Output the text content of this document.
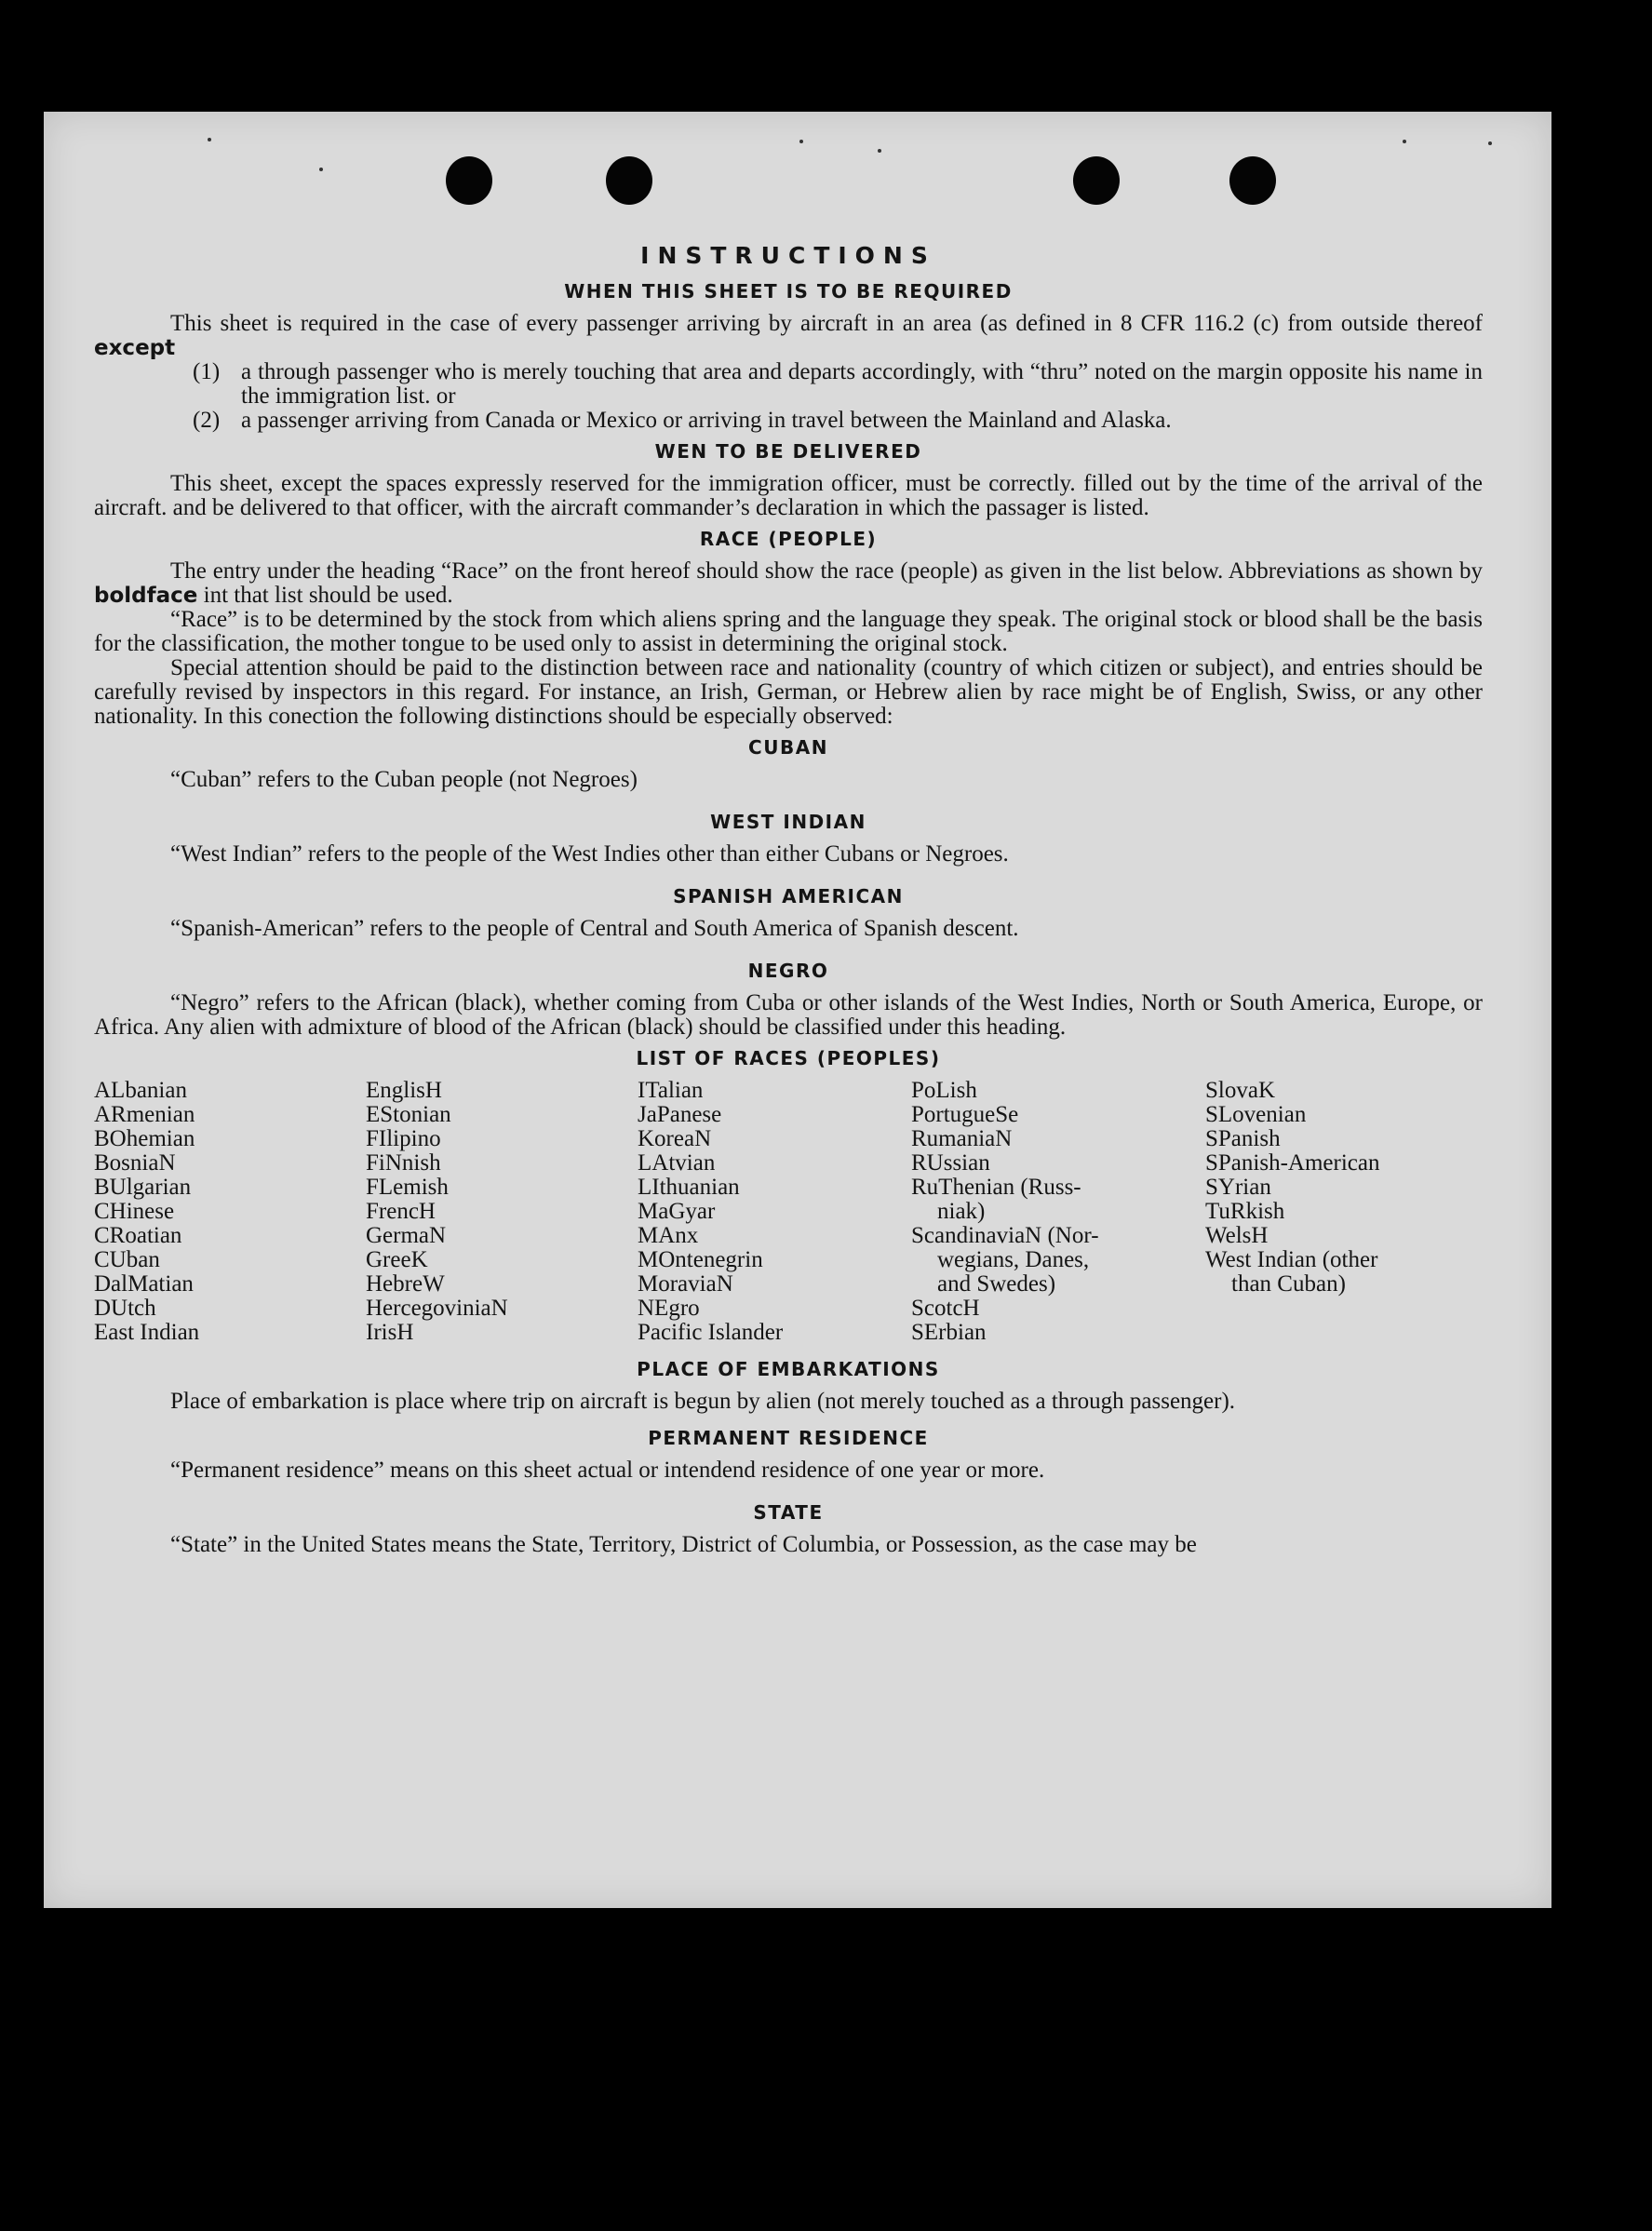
INSTRUCTIONS
WHEN THIS SHEET IS TO BE REQUIRED

This sheet is required in the case of every passenger arriving by aircraft in an area (as defined in 8 CFR 116.2 (c) from outside thereof except

(1) a through passenger who is merely touching that area and departs accordingly, with “thru” noted on the margin opposite his name in the immigration list. or
(2) a passenger arriving from Canada or Mexico or arriving in travel between the Mainland and Alaska.
WEN TO BE DELIVERED

This sheet, except the spaces expressly reserved for the immigration officer, must be correctly. filled out by the time of the arrival of the aircraft. and be delivered to that officer, with the aircraft commander’s declaration in which the passager is listed.

RACE (PEOPLE)

The entry under the heading “Race” on the front hereof should show the race (people) as given in the list below. Abbreviations as shown by boldface int that list should be used.

“Race” is to be determined by the stock from which aliens spring and the language they speak. The original stock or blood shall be the basis for the classification, the mother tongue to be used only to assist in determining the original stock.

Special attention should be paid to the distinction between race and nationality (country of which citizen or subject), and entries should be carefully revised by inspectors in this regard. For instance, an Irish, German, or Hebrew alien by race might be of English, Swiss, or any other nationality. In this conection the following distinctions should be especially observed:

CUBAN

“Cuban” refers to the Cuban people (not Negroes)

WEST INDIAN

“West Indian” refers to the people of the West Indies other than either Cubans or Negroes.

SPANISH AMERICAN

“Spanish-American” refers to the people of Central and South America of Spanish descent.

NEGRO

“Negro” refers to the African (black), whether coming from Cuba or other islands of the West Indies, North or South America, Europe, or Africa. Any alien with admixture of blood of the African (black) should be classified under this heading.

LIST OF RACES (PEOPLES)
ALbanian
ARmenian
BOhemian
BosniaN
BUlgarian
CHinese
CRoatian
CUban
DalMatian
DUtch
East Indian
EnglisH
EStonian
FIlipino
FiNnish
FLemish
FrencH
GermaN
GreeK
HebreW
HercegoviniaN
IrisH
ITalian
JaPanese
KoreaN
LAtvian
LIthuanian
MaGyar
MAnx
MOntenegrin
MoraviaN
NEgro
Pacific Islander
PoLish
PortugueSe
RumaniaN
RUssian
RuThenian (Russ-
niak)
ScandinaviaN (Nor-
wegians, Danes,
and Swedes)
ScotcH
SErbian
SlovaK
SLovenian
SPanish
SPanish-American
SYrian
TuRkish
WelsH
West Indian (other
than Cuban)
PLACE OF EMBARKATIONS

Place of embarkation is place where trip on aircraft is begun by alien (not merely touched as a through passenger).

PERMANENT RESIDENCE

“Permanent residence” means on this sheet actual or intendend residence of one year or more.

STATE

“State” in the United States means the State, Territory, District of Columbia, or Possession, as the case may be
